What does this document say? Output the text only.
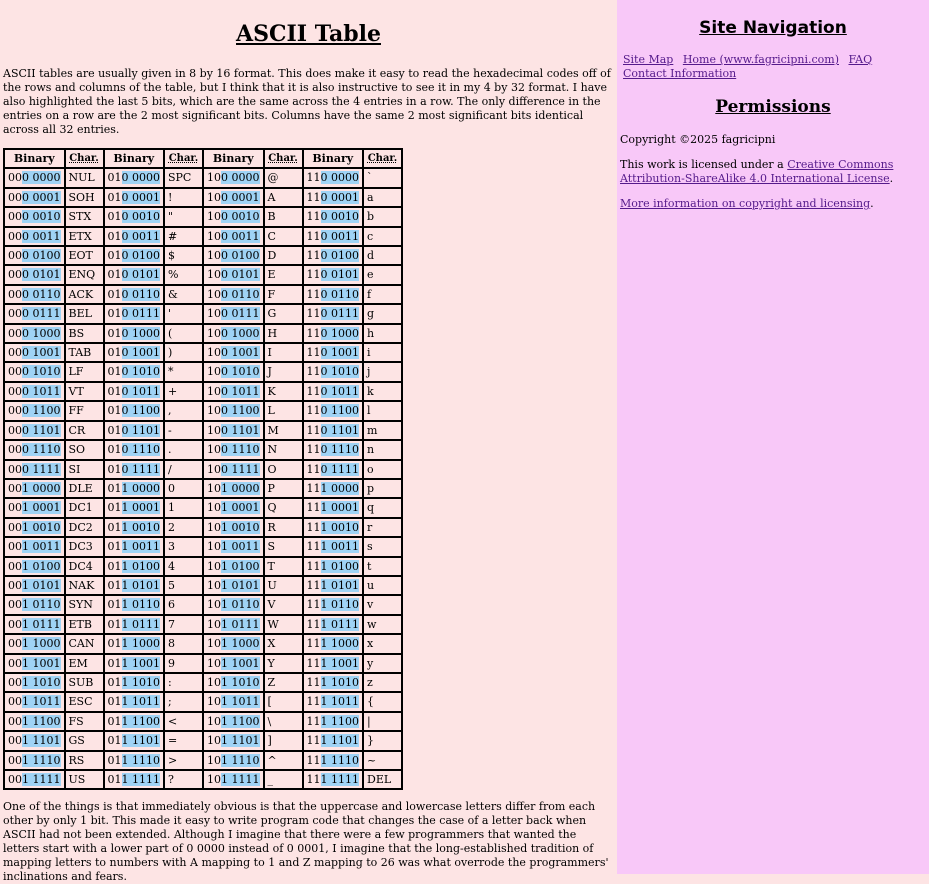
ASCII Table

ASCII tables are usually given in 8 by 16 format. This does make it easy to read the hexadecimal codes off of the rows and columns of the table, but I think that it is also instructive to see it in my 4 by 32 format. I have also highlighted the last 5 bits, which are the same across the 4 entries in a row. The only difference in the entries on a row are the 2 most significant bits. Columns have the same 2 most significant bits identical across all 32 entries.

Binary	Char.	Binary	Char.	Binary	Char.	Binary	Char.
000 0000	NUL	010 0000	SPC	100 0000	@	110 0000	`
000 0001	SOH	010 0001	!	100 0001	A	110 0001	a
000 0010	STX	010 0010	"	100 0010	B	110 0010	b
000 0011	ETX	010 0011	#	100 0011	C	110 0011	c
000 0100	EOT	010 0100	$	100 0100	D	110 0100	d
000 0101	ENQ	010 0101	%	100 0101	E	110 0101	e
000 0110	ACK	010 0110	&	100 0110	F	110 0110	f
000 0111	BEL	010 0111	'	100 0111	G	110 0111	g
000 1000	BS	010 1000	(	100 1000	H	110 1000	h
000 1001	TAB	010 1001	)	100 1001	I	110 1001	i
000 1010	LF	010 1010	*	100 1010	J	110 1010	j
000 1011	VT	010 1011	+	100 1011	K	110 1011	k
000 1100	FF	010 1100	,	100 1100	L	110 1100	l
000 1101	CR	010 1101	-	100 1101	M	110 1101	m
000 1110	SO	010 1110	.	100 1110	N	110 1110	n
000 1111	SI	010 1111	/	100 1111	O	110 1111	o
001 0000	DLE	011 0000	0	101 0000	P	111 0000	p
001 0001	DC1	011 0001	1	101 0001	Q	111 0001	q
001 0010	DC2	011 0010	2	101 0010	R	111 0010	r
001 0011	DC3	011 0011	3	101 0011	S	111 0011	s
001 0100	DC4	011 0100	4	101 0100	T	111 0100	t
001 0101	NAK	011 0101	5	101 0101	U	111 0101	u
001 0110	SYN	011 0110	6	101 0110	V	111 0110	v
001 0111	ETB	011 0111	7	101 0111	W	111 0111	w
001 1000	CAN	011 1000	8	101 1000	X	111 1000	x
001 1001	EM	011 1001	9	101 1001	Y	111 1001	y
001 1010	SUB	011 1010	:	101 1010	Z	111 1010	z
001 1011	ESC	011 1011	;	101 1011	[	111 1011	{
001 1100	FS	011 1100	<	101 1100	\	111 1100	|
001 1101	GS	011 1101	=	101 1101	]	111 1101	}
001 1110	RS	011 1110	>	101 1110	^	111 1110	~
001 1111	US	011 1111	?	101 1111	_	111 1111	DEL

One of the things is that immediately obvious is that the uppercase and lowercase letters differ from each other by only 1 bit. This made it easy to write program code that changes the case of a letter back when ASCII had not been extended. Although I imagine that there were a few programmers that wanted the letters start with a lower part of 0 0000 instead of 0 0001, I imagine that the long-established tradition of mapping letters to numbers with A mapping to 1 and Z mapping to 26 was what overrode the programmers' inclinations and fears.

Site Navigation
Site Map Home (www.fagricipni.com) FAQ
Contact Information
Permissions

Copyright ©2025 fagricipni

This work is licensed under a Creative Commons Attribution-ShareAlike 4.0 International License.

More information on copyright and licensing.
